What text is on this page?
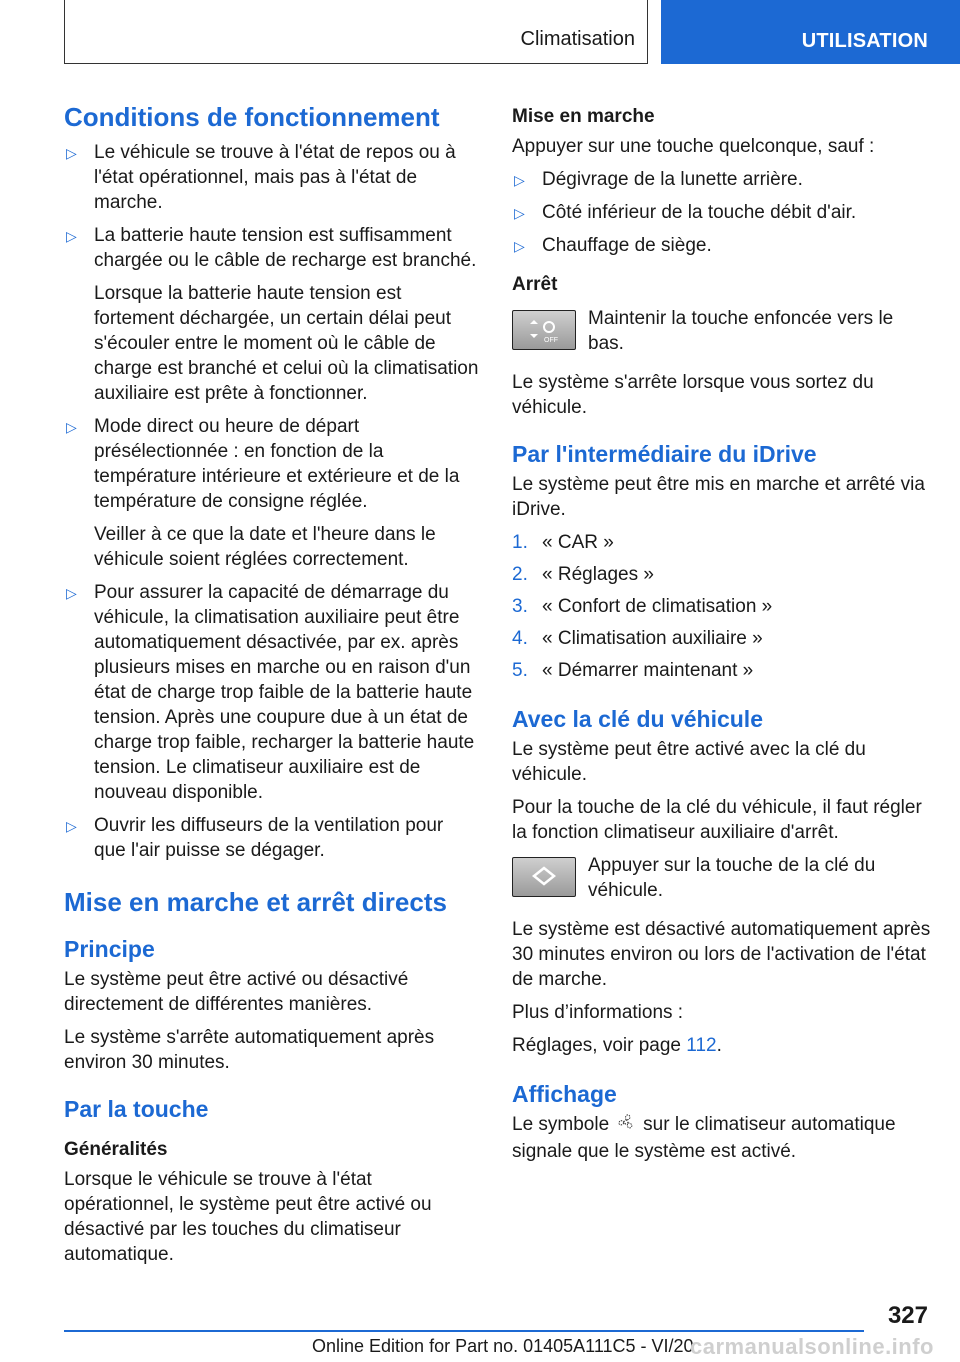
Climatisation	UTILISATION
Conditions de fonctionnement
▷ Le véhicule se trouve à l'état de repos ou à l'état opérationnel, mais pas à l'état de marche.

▷ La batterie haute tension est suffisamment chargée ou le câble de recharge est branché.

Lorsque la batterie haute tension est fortement déchargée, un certain délai peut s'écouler entre le moment où le câble de charge est branché et celui où la climatisation auxiliaire est prête à fonctionner.

▷ Mode direct ou heure de départ présélectionnée : en fonction de la température intérieure et extérieure et de la température de consigne réglée.

Veiller à ce que la date et l'heure dans le véhicule soient réglées correctement.

▷ Pour assurer la capacité de démarrage du véhicule, la climatisation auxiliaire peut être automatiquement désactivée, par ex. après plusieurs mises en marche ou en raison d'un état de charge trop faible de la batterie haute tension. Après une coupure due à un état de charge trop faible, recharger la batterie haute tension. Le climatiseur auxiliaire est de nouveau disponible.

▷ Ouvrir les diffuseurs de la ventilation pour que l'air puisse se dégager.

Mise en marche et arrêt directs
Principe

Le système peut être activé ou désactivé directement de différentes manières.

Le système s'arrête automatiquement après environ 30 minutes.

Par la touche
Généralités

Lorsque le véhicule se trouve à l'état opérationnel, le système peut être activé ou désactivé par les touches du climatiseur automatique.

Mise en marche

Appuyer sur une touche quelconque, sauf :

▷ Dégivrage de la lunette arrière.
▷ Côté inférieur de la touche débit d'air.
▷ Chauffage de siège.
Arrêt
OFF
Maintenir la touche enfoncée vers le bas.

Le système s'arrête lorsque vous sortez du véhicule.

Par l'intermédiaire du iDrive

Le système peut être mis en marche et arrêté via iDrive.

1. « CAR »
2. « Réglages »
3. « Confort de climatisation »
4. « Climatisation auxiliaire »
5. « Démarrer maintenant »
Avec la clé du véhicule

Le système peut être activé avec la clé du véhicule.

Pour la touche de la clé du véhicule, il faut régler la fonction climatiseur auxiliaire d'arrêt.

Appuyer sur la touche de la clé du véhicule.

Le système est désactivé automatiquement après 30 minutes environ ou lors de l'activation de l'état de marche.

Plus d’informations :

Réglages, voir page 112.

Affichage

Le symbole sur le climatiseur automatique signale que le système est activé.

327
Online Edition for Part no. 01405A111C5 - VI/20
carmanualsonline.info
